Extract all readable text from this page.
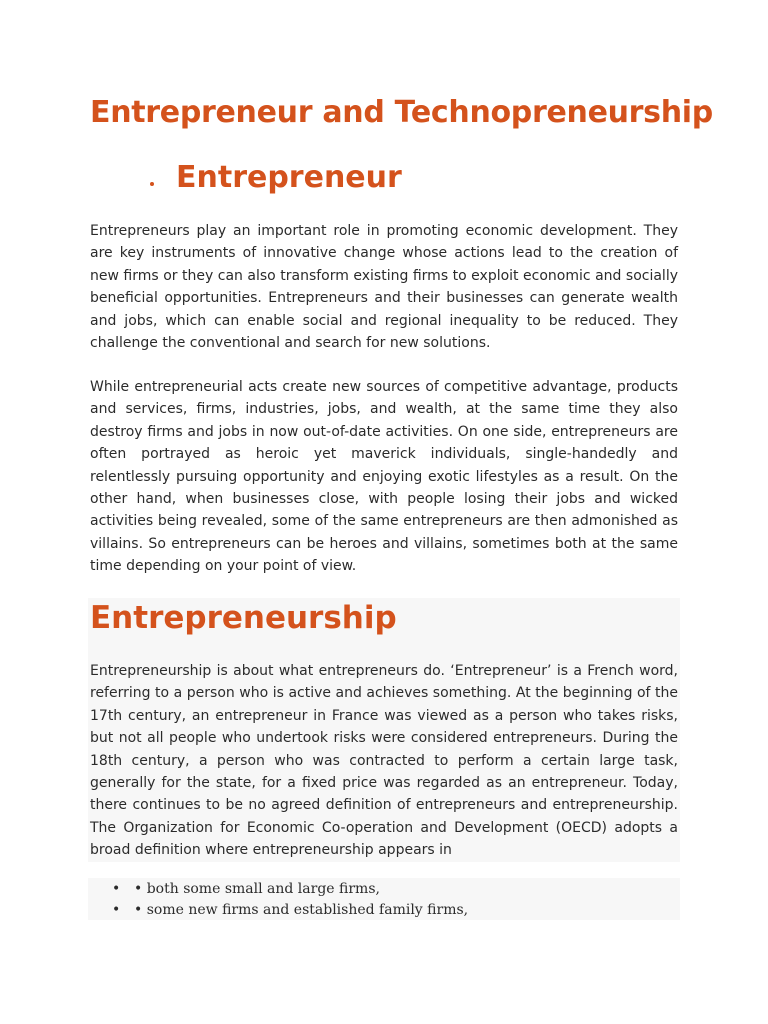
Entrepreneur and Technopreneurship
Entrepreneur

Entrepreneurs play an important role in promoting economic development. They are key instruments of innovative change whose actions lead to the creation of new firms or they can also transform existing firms to exploit economic and socially beneficial opportunities. Entrepreneurs and their businesses can generate wealth and jobs, which can enable social and regional inequality to be reduced. They challenge the conventional and search for new solutions.

While entrepreneurial acts create new sources of competitive advantage, products and services, firms, industries, jobs, and wealth, at the same time they also destroy firms and jobs in now out-of-date activities. On one side, entrepreneurs are often portrayed as heroic yet maverick individuals, single-handedly and relentlessly pursuing opportunity and enjoying exotic lifestyles as a result. On the other hand, when businesses close, with people losing their jobs and wicked activities being revealed, some of the same entrepreneurs are then admonished as villains. So entrepreneurs can be heroes and villains, sometimes both at the same time depending on your point of view.

Entrepreneurship

Entrepreneurship is about what entrepreneurs do. ‘Entrepreneur’ is a French word, referring to a person who is active and achieves something. At the beginning of the 17th century, an entrepreneur in France was viewed as a person who takes risks, but not all people who undertook risks were considered entrepreneurs. During the 18th century, a person who was contracted to perform a certain large task, generally for the state, for a fixed price was regarded as an entrepreneur. Today, there continues to be no agreed definition of entrepreneurs and entrepreneurship. The Organization for Economic Co-operation and Development (OECD) adopts a broad definition where entrepreneurship appears in

• • both some small and large firms,
• • some new firms and established family firms,
